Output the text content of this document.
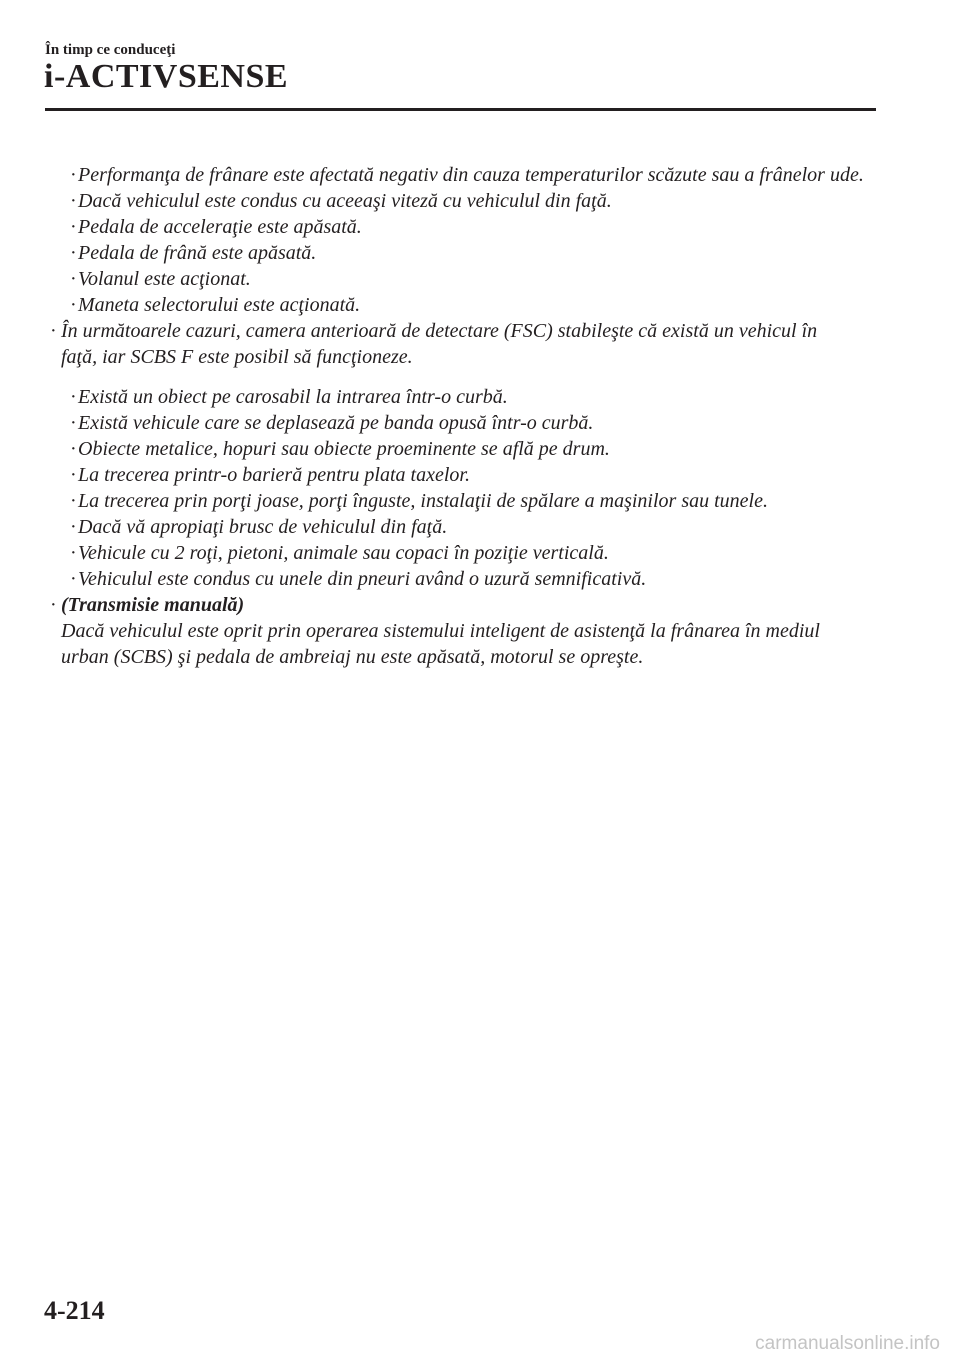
În timp ce conduceţi
i-ACTIVSENSE
· Performanţa de frânare este afectată negativ din cauza temperaturilor scăzute sau a frânelor ude.
· Dacă vehiculul este condus cu aceeaşi viteză cu vehiculul din faţă.
· Pedala de acceleraţie este apăsată.
· Pedala de frână este apăsată.
· Volanul este acţionat.
· Maneta selectorului este acţionată.
· În următoarele cazuri, camera anterioară de detectare (FSC) stabileşte că există un vehicul în faţă, iar SCBS F este posibil să funcţioneze.
· Există un obiect pe carosabil la intrarea într-o curbă.
· Există vehicule care se deplasează pe banda opusă într-o curbă.
· Obiecte metalice, hopuri sau obiecte proeminente se află pe drum.
· La trecerea printr-o barieră pentru plata taxelor.
· La trecerea prin porţi joase, porţi înguste, instalaţii de spălare a maşinilor sau tunele.
· Dacă vă apropiaţi brusc de vehiculul din faţă.
· Vehicule cu 2 roţi, pietoni, animale sau copaci în poziţie verticală.
· Vehiculul este condus cu unele din pneuri având o uzură semnificativă.
· (Transmisie manuală)
Dacă vehiculul este oprit prin operarea sistemului inteligent de asistenţă la frânarea în mediul urban (SCBS) şi pedala de ambreiaj nu este apăsată, motorul se opreşte.
4-214
carmanualsonline.info
